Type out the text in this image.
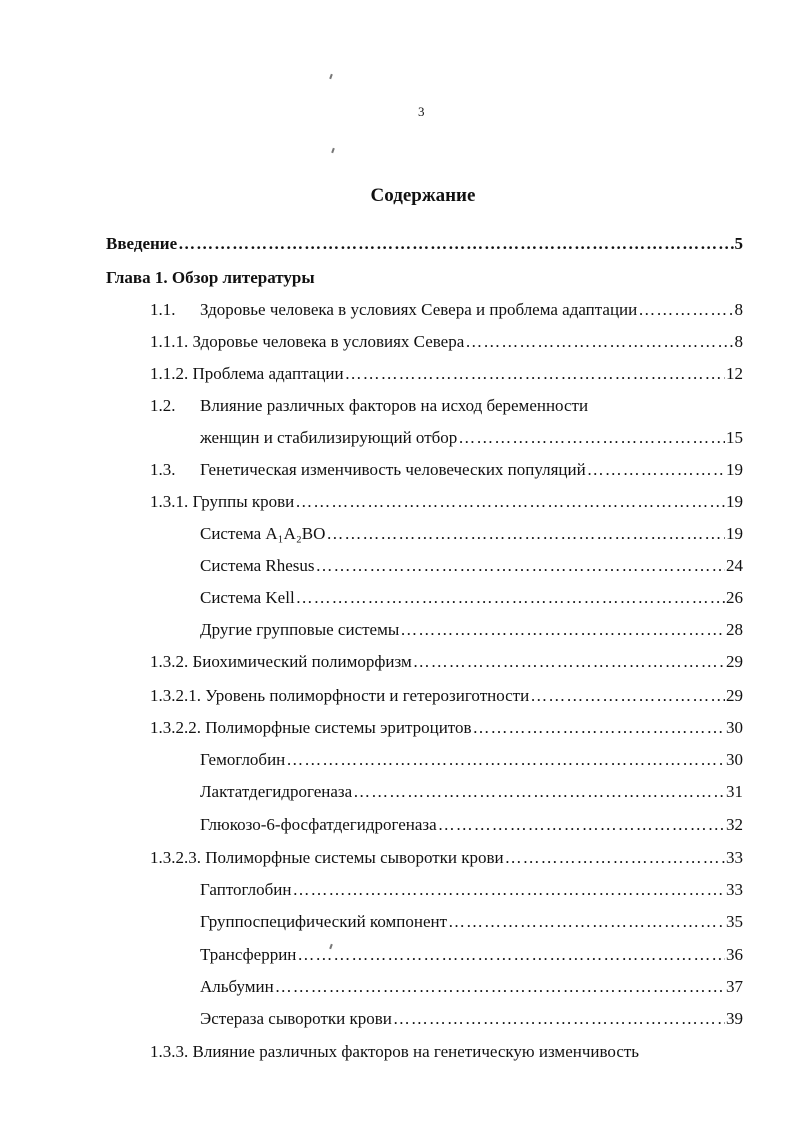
3
Содержание
Введение …………………………………………………………………………………………………………………………………………	5
Глава 1. Обзор литературы
1.1.	Здоровье человека в условиях Севера и проблема адаптации …………………………………………………………………………………………………………………………………………	8
1.1.1. Здоровье человека в условиях Севера …………………………………………………………………………………………………………………………………………	8
1.1.2. Проблема адаптации …………………………………………………………………………………………………………………………………………	12
1.2.	Влияние различных факторов на исход беременности
женщин и стабилизирующий отбор …………………………………………………………………………………………………………………………………………	15
1.3.	Генетическая изменчивость человеческих популяций …………………………………………………………………………………………………………………………………………	19
1.3.1. Группы крови …………………………………………………………………………………………………………………………………………	19
Система A₁A₂BO …………………………………………………………………………………………………………………………………………	19
Система Rhesus …………………………………………………………………………………………………………………………………………	24
Система Kell …………………………………………………………………………………………………………………………………………	26
Другие групповые системы …………………………………………………………………………………………………………………………………………	28
1.3.2. Биохимический полиморфизм …………………………………………………………………………………………………………………………………………	29
1.3.2.1. Уровень полиморфности и гетерозиготности …………………………………………………………………………………………………………………………………………	29
1.3.2.2. Полиморфные системы эритроцитов …………………………………………………………………………………………………………………………………………	30
Гемоглобин …………………………………………………………………………………………………………………………………………	30
Лактатдегидрогеназа …………………………………………………………………………………………………………………………………………	31
Глюкозо-6-фосфатдегидрогеназа …………………………………………………………………………………………………………………………………………	32
1.3.2.3. Полиморфные системы сыворотки крови …………………………………………………………………………………………………………………………………………	33
Гаптоглобин …………………………………………………………………………………………………………………………………………	33
Группоспецифический компонент …………………………………………………………………………………………………………………………………………	35
Трансферрин …………………………………………………………………………………………………………………………………………	36
Альбумин …………………………………………………………………………………………………………………………………………	37
Эстераза сыворотки крови …………………………………………………………………………………………………………………………………………	39
1.3.3. Влияние различных факторов на генетическую изменчивость
